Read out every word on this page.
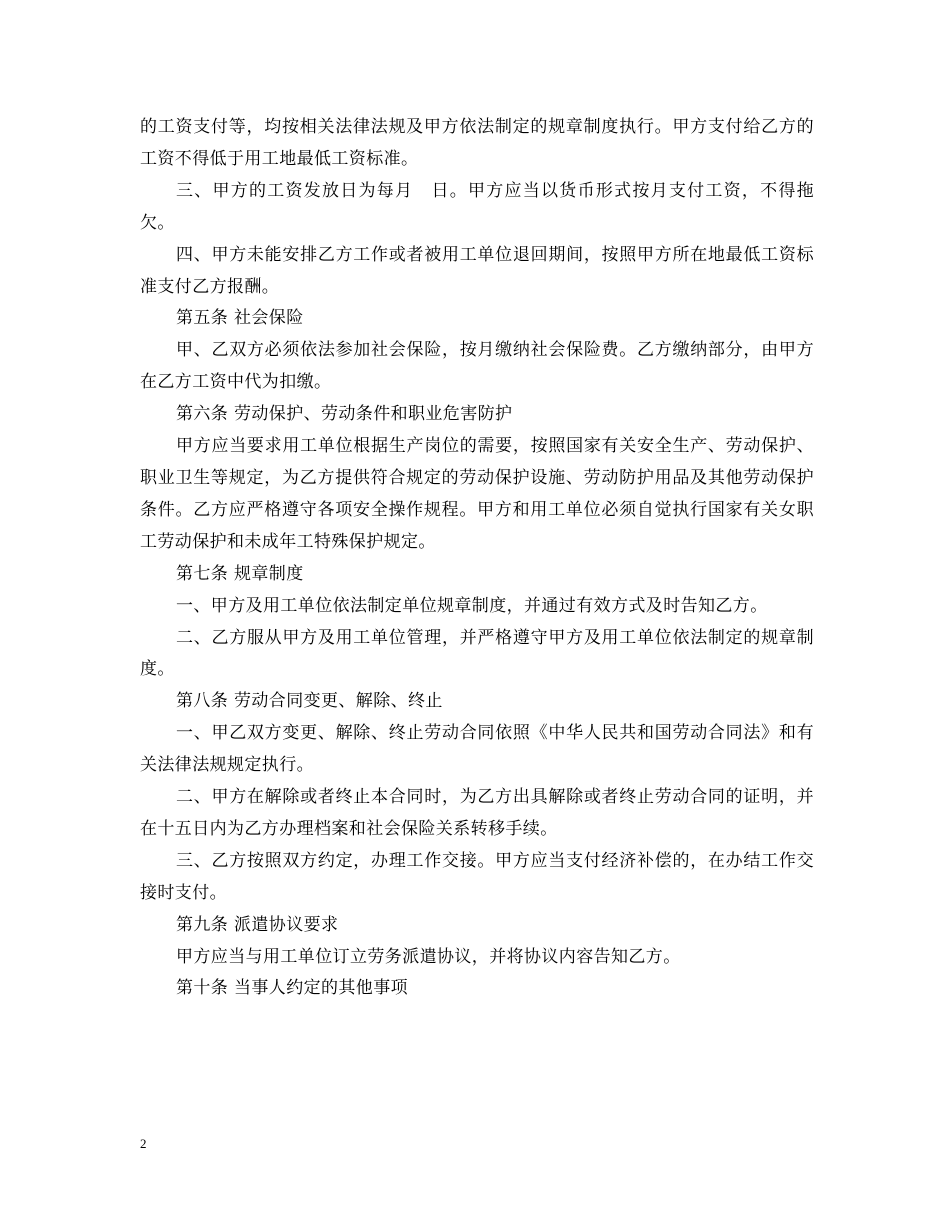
的工资支付等，均按相关法律法规及甲方依法制定的规章制度执行。甲方支付给乙方的工资不得低于用工地最低工资标准。

三、甲方的工资发放日为每月　日。甲方应当以货币形式按月支付工资，不得拖欠。

四、甲方未能安排乙方工作或者被用工单位退回期间，按照甲方所在地最低工资标准支付乙方报酬。

第五条 社会保险

甲、乙双方必须依法参加社会保险，按月缴纳社会保险费。乙方缴纳部分，由甲方在乙方工资中代为扣缴。

第六条 劳动保护、劳动条件和职业危害防护

甲方应当要求用工单位根据生产岗位的需要，按照国家有关安全生产、劳动保护、职业卫生等规定，为乙方提供符合规定的劳动保护设施、劳动防护用品及其他劳动保护条件。乙方应严格遵守各项安全操作规程。甲方和用工单位必须自觉执行国家有关女职工劳动保护和未成年工特殊保护规定。

第七条 规章制度

一、甲方及用工单位依法制定单位规章制度，并通过有效方式及时告知乙方。

二、乙方服从甲方及用工单位管理，并严格遵守甲方及用工单位依法制定的规章制度。

第八条 劳动合同变更、解除、终止

一、甲乙双方变更、解除、终止劳动合同依照《中华人民共和国劳动合同法》和有关法律法规规定执行。

二、甲方在解除或者终止本合同时，为乙方出具解除或者终止劳动合同的证明，并在十五日内为乙方办理档案和社会保险关系转移手续。

三、乙方按照双方约定，办理工作交接。甲方应当支付经济补偿的，在办结工作交接时支付。

第九条 派遣协议要求

甲方应当与用工单位订立劳务派遣协议，并将协议内容告知乙方。

第十条 当事人约定的其他事项

2
